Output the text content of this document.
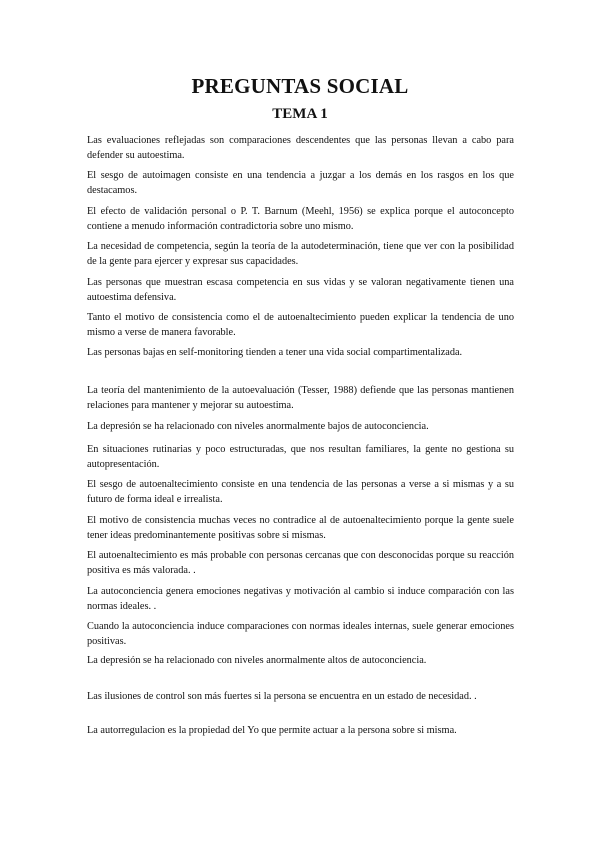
PREGUNTAS SOCIAL
TEMA 1
Las evaluaciones reflejadas son comparaciones descendentes que las personas llevan a cabo para defender su autoestima.
El sesgo de autoimagen consiste en una tendencia a juzgar a los demás en los rasgos en los que destacamos.
El efecto de validación personal o P. T. Barnum (Meehl, 1956) se explica porque el autoconcepto contiene a menudo información contradictoria sobre uno mismo.
La necesidad de competencia, según la teoría de la autodeterminación, tiene que ver con la posibilidad de la gente para ejercer y expresar sus capacidades.
Las personas que muestran escasa competencia en sus vidas y se valoran negativamente tienen una autoestima defensiva.
Tanto el motivo de consistencia como el de autoenaltecimiento pueden explicar la tendencia de uno mismo a verse de manera favorable.
Las personas bajas en self-monitoring tienden a tener una vida social compartimentalizada.
La teoría del mantenimiento de la autoevaluación (Tesser, 1988) defiende que las personas mantienen relaciones para mantener y mejorar su autoestima.
La depresión se ha relacionado con niveles anormalmente bajos de autoconciencia.
En situaciones rutinarias y poco estructuradas, que nos resultan familiares, la gente no gestiona su autopresentación.
El sesgo de autoenaltecimiento consiste en una tendencia de las personas a verse a si mismas y a su futuro de forma ideal e irrealista.
El motivo de consistencia muchas veces no contradice al de autoenaltecimiento porque la gente suele tener ideas predominantemente positivas sobre si mismas.
El autoenaltecimiento es más probable con personas cercanas que con desconocidas porque su reacción positiva es más valorada. .
La autoconciencia genera emociones negativas y motivación al cambio si induce comparación con las normas ideales. .
Cuando la autoconciencia induce comparaciones con normas ideales internas, suele generar emociones positivas.
La depresión se ha relacionado con niveles anormalmente altos de autoconciencia.
Las ilusiones de control son más fuertes si la persona se encuentra en un estado de necesidad. .
La autorregulacion es la propiedad del Yo que permite actuar a la persona sobre si misma.
